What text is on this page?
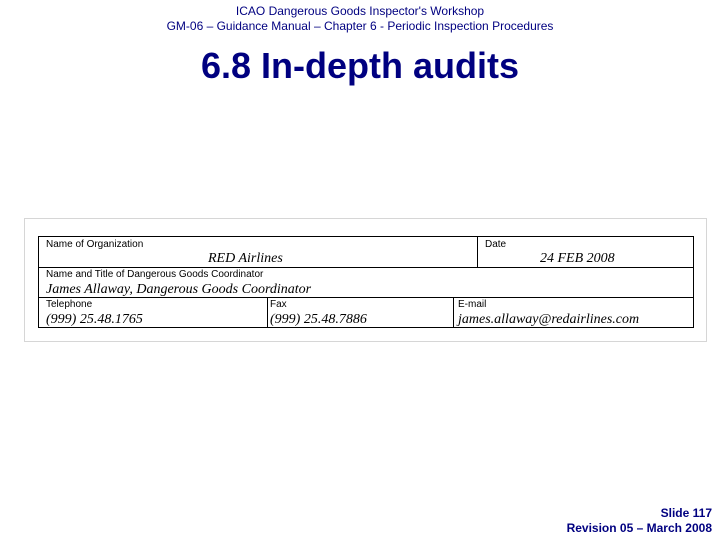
ICAO Dangerous Goods Inspector's Workshop
GM-06 – Guidance Manual – Chapter 6 - Periodic Inspection Procedures
6.8 In-depth audits
Name of Organization
RED Airlines
Date
24 FEB 2008
Name and Title of Dangerous Goods Coordinator
James Allaway, Dangerous Goods Coordinator
Telephone
(999) 25.48.1765
Fax
(999) 25.48.7886
E-mail
james.allaway@redairlines.com
Slide 117
Revision 05 – March 2008
